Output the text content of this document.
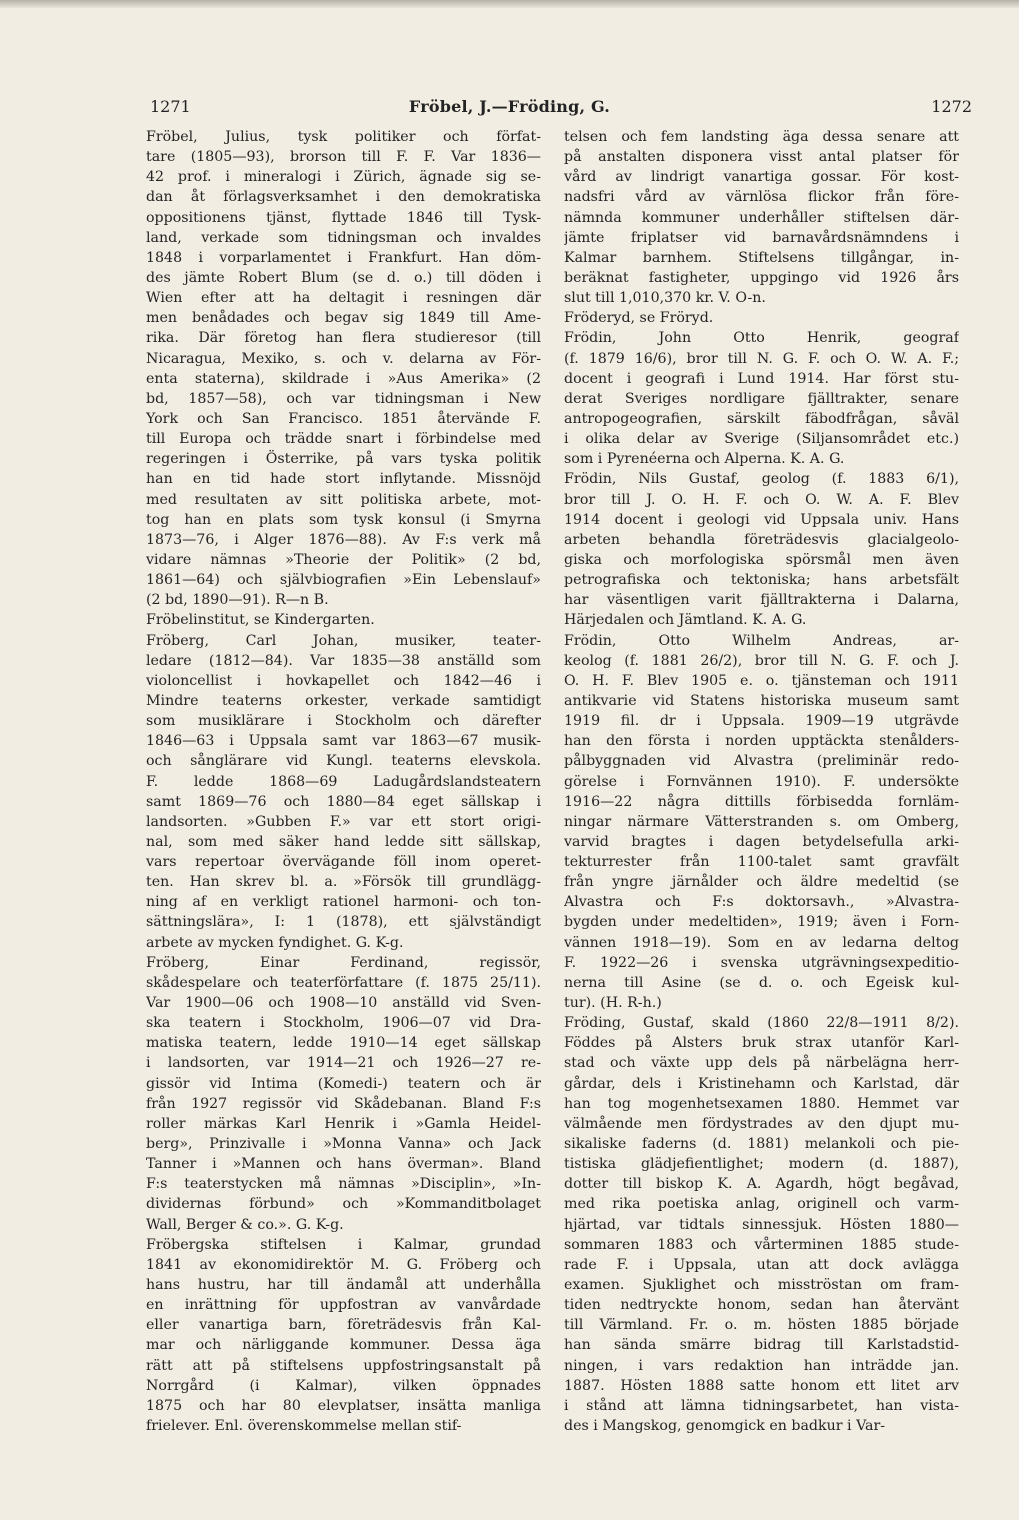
1271	Fröbel, J.—Fröding, G.	1272
Fröbel, Julius, tysk politiker och förfat-
tare (1805—93), brorson till F. F. Var 1836—
42 prof. i mineralogi i Zürich, ägnade sig se-
dan åt förlagsverksamhet i den demokratiska
oppositionens tjänst, flyttade 1846 till Tysk-
land, verkade som tidningsman och invaldes
1848 i vorparlamentet i Frankfurt. Han döm-
des jämte Robert Blum (se d. o.) till döden i
Wien efter att ha deltagit i resningen där
men benådades och begav sig 1849 till Ame-
rika. Där företog han flera studieresor (till
Nicaragua, Mexiko, s. och v. delarna av För-
enta staterna), skildrade i »Aus Amerika» (2
bd, 1857—58), och var tidningsman i New
York och San Francisco. 1851 återvände F.
till Europa och trädde snart i förbindelse med
regeringen i Österrike, på vars tyska politik
han en tid hade stort inflytande. Missnöjd
med resultaten av sitt politiska arbete, mot-
tog han en plats som tysk konsul (i Smyrna
1873—76, i Alger 1876—88). Av F:s verk må
vidare nämnas »Theorie der Politik» (2 bd,
1861—64) och självbiografien »Ein Lebenslauf»
(2 bd, 1890—91). R—n B.
Fröbelinstitut, se Kindergarten.
Fröberg, Carl Johan, musiker, teater-
ledare (1812—84). Var 1835—38 anställd som
violoncellist i hovkapellet och 1842—46 i
Mindre teaterns orkester, verkade samtidigt
som musiklärare i Stockholm och därefter
1846—63 i Uppsala samt var 1863—67 musik-
och sånglärare vid Kungl. teaterns elevskola.
F. ledde 1868—69 Ladugårdslandsteatern
samt 1869—76 och 1880—84 eget sällskap i
landsorten. »Gubben F.» var ett stort origi-
nal, som med säker hand ledde sitt sällskap,
vars repertoar övervägande föll inom operet-
ten. Han skrev bl. a. »Försök till grundlägg-
ning af en verkligt rationel harmoni- och ton-
sättningslära», I: 1 (1878), ett självständigt
arbete av mycken fyndighet. G. K-g.
Fröberg, Einar Ferdinand, regissör,
skådespelare och teaterförfattare (f. 1875 25/11).
Var 1900—06 och 1908—10 anställd vid Sven-
ska teatern i Stockholm, 1906—07 vid Dra-
matiska teatern, ledde 1910—14 eget sällskap
i landsorten, var 1914—21 och 1926—27 re-
gissör vid Intima (Komedi-) teatern och är
från 1927 regissör vid Skådebanan. Bland F:s
roller märkas Karl Henrik i »Gamla Heidel-
berg», Prinzivalle i »Monna Vanna» och Jack
Tanner i »Mannen och hans överman». Bland
F:s teaterstycken må nämnas »Disciplin», »In-
dividernas förbund» och »Kommanditbolaget
Wall, Berger & co.». G. K-g.
Fröbergska stiftelsen i Kalmar, grundad
1841 av ekonomidirektör M. G. Fröberg och
hans hustru, har till ändamål att underhålla
en inrättning för uppfostran av vanvårdade
eller vanartiga barn, företrädesvis från Kal-
mar och närliggande kommuner. Dessa äga
rätt att på stiftelsens uppfostringsanstalt på
Norrgård (i Kalmar), vilken öppnades
1875 och har 80 elevplatser, insätta manliga
frielever. Enl. överenskommelse mellan stif-
telsen och fem landsting äga dessa senare att
på anstalten disponera visst antal platser för
vård av lindrigt vanartiga gossar. För kost-
nadsfri vård av värnlösa flickor från före-
nämnda kommuner underhåller stiftelsen där-
jämte friplatser vid barnavårdsnämndens i
Kalmar barnhem. Stiftelsens tillgångar, in-
beräknat fastigheter, uppgingo vid 1926 års
slut till 1,010,370 kr. V. O-n.
Fröderyd, se Fröryd.
Frödin, John Otto Henrik, geograf
(f. 1879 16/6), bror till N. G. F. och O. W. A. F.;
docent i geografi i Lund 1914. Har först stu-
derat Sveriges nordligare fjälltrakter, senare
antropogeografien, särskilt fäbodfrågan, såväl
i olika delar av Sverige (Siljansområdet etc.)
som i Pyrenéerna och Alperna. K. A. G.
Frödin, Nils Gustaf, geolog (f. 1883 6/1),
bror till J. O. H. F. och O. W. A. F. Blev
1914 docent i geologi vid Uppsala univ. Hans
arbeten behandla företrädesvis glacialgeolo-
giska och morfologiska spörsmål men även
petrografiska och tektoniska; hans arbetsfält
har väsentligen varit fjälltrakterna i Dalarna,
Härjedalen och Jämtland. K. A. G.
Frödin, Otto Wilhelm Andreas, ar-
keolog (f. 1881 26/2), bror till N. G. F. och J.
O. H. F. Blev 1905 e. o. tjänsteman och 1911
antikvarie vid Statens historiska museum samt
1919 fil. dr i Uppsala. 1909—19 utgrävde
han den första i norden upptäckta stenålders-
pålbyggnaden vid Alvastra (preliminär redo-
görelse i Fornvännen 1910). F. undersökte
1916—22 några dittills förbisedda fornläm-
ningar närmare Vätterstranden s. om Omberg,
varvid bragtes i dagen betydelsefulla arki-
tekturrester från 1100-talet samt gravfält
från yngre järnålder och äldre medeltid (se
Alvastra och F:s doktorsavh., »Alvastra-
bygden under medeltiden», 1919; även i Forn-
vännen 1918—19). Som en av ledarna deltog
F. 1922—26 i svenska utgrävningsexpeditio-
nerna till Asine (se d. o. och Egeisk kul-
tur). (H. R-h.)
Fröding, Gustaf, skald (1860 22/8—1911 8/2).
Föddes på Alsters bruk strax utanför Karl-
stad och växte upp dels på närbelägna herr-
gårdar, dels i Kristinehamn och Karlstad, där
han tog mogenhetsexamen 1880. Hemmet var
välmående men fördystrades av den djupt mu-
sikaliske faderns (d. 1881) melankoli och pie-
tistiska glädjefientlighet; modern (d. 1887),
dotter till biskop K. A. Agardh, högt begåvad,
med rika poetiska anlag, originell och varm-
hjärtad, var tidtals sinnessjuk. Hösten 1880—
sommaren 1883 och vårterminen 1885 stude-
rade F. i Uppsala, utan att dock avlägga
examen. Sjuklighet och misströstan om fram-
tiden nedtryckte honom, sedan han återvänt
till Värmland. Fr. o. m. hösten 1885 började
han sända smärre bidrag till Karlstadstid-
ningen, i vars redaktion han inträdde jan.
1887. Hösten 1888 satte honom ett litet arv
i stånd att lämna tidningsarbetet, han vista-
des i Mangskog, genomgick en badkur i Var-
